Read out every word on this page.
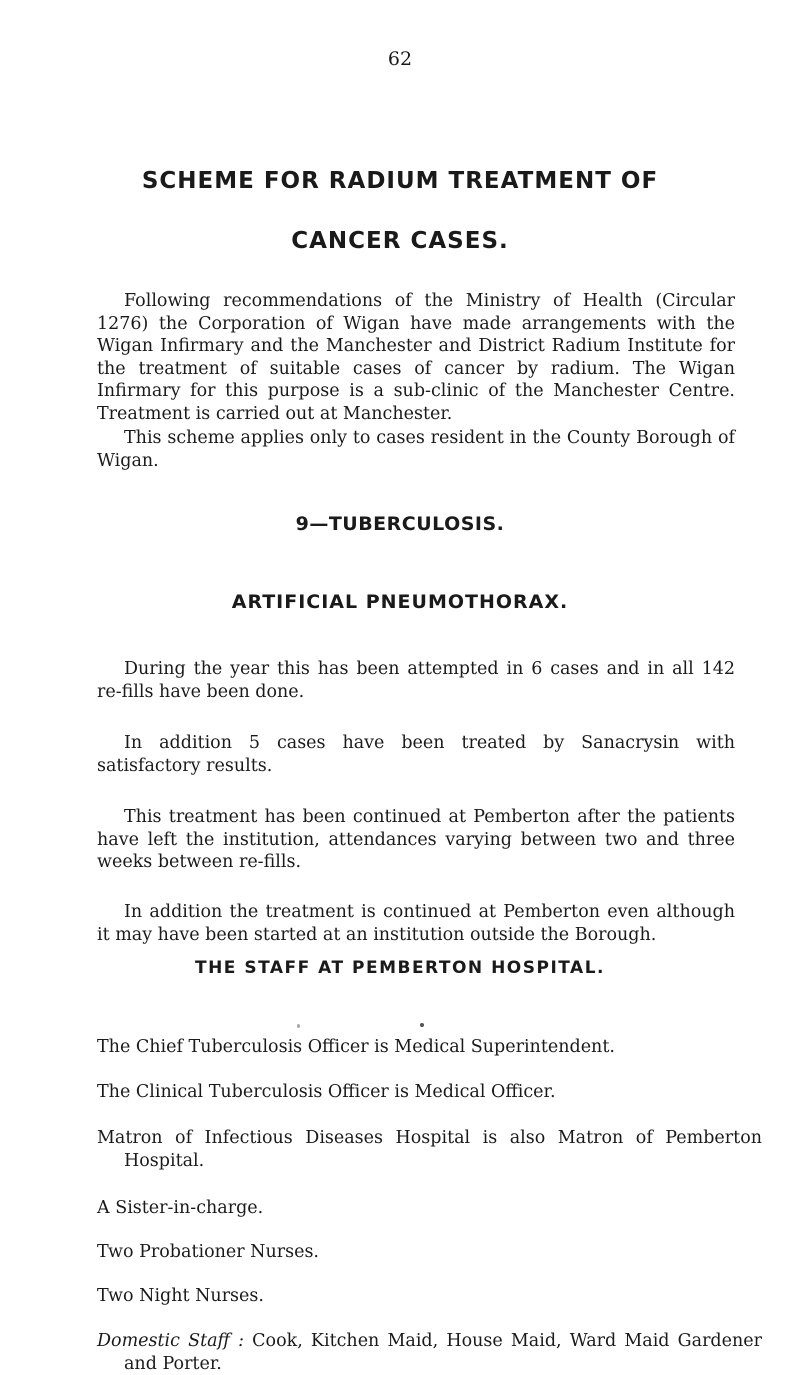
62
SCHEME FOR RADIUM TREATMENT OF
CANCER CASES.

Following recommendations of the Ministry of Health (Circular 1276) the Corporation of Wigan have made arrangements with the Wigan Infirmary and the Manchester and District Radium Institute for the treatment of suitable cases of cancer by radium. The Wigan Infirmary for this purpose is a sub-clinic of the Manchester Centre. Treatment is carried out at Manchester.

This scheme applies only to cases resident in the County Borough of Wigan.

9—TUBERCULOSIS.
ARTIFICIAL PNEUMOTHORAX.

During the year this has been attempted in 6 cases and in all 142 re-fills have been done.

In addition 5 cases have been treated by Sanacrysin with satisfactory results.

This treatment has been continued at Pemberton after the patients have left the institution, attendances varying between two and three weeks between re-fills.

In addition the treatment is continued at Pemberton even although it may have been started at an institution outside the Borough.

THE STAFF AT PEMBERTON HOSPITAL.

The Chief Tuberculosis Officer is Medical Superintendent.

The Clinical Tuberculosis Officer is Medical Officer.

Matron of Infectious Diseases Hospital is also Matron of Pemberton Hospital.

A Sister-in-charge.

Two Probationer Nurses.

Two Night Nurses.

Domestic Staff : Cook, Kitchen Maid, House Maid, Ward Maid Gardener and Porter.
